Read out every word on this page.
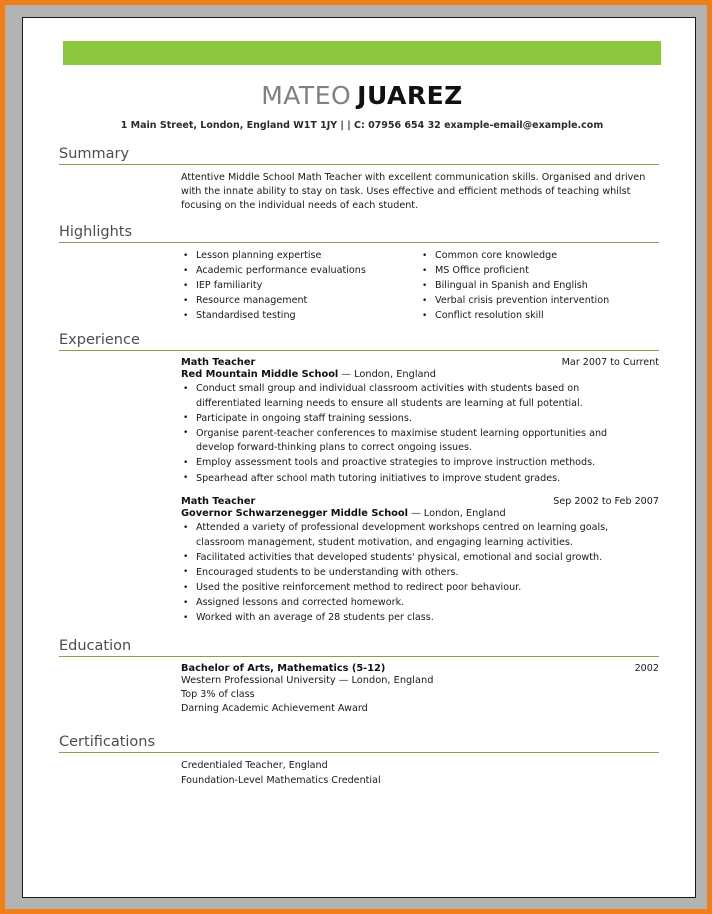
MATEO JUAREZ
1 Main Street, London, England W1T 1JY | | C: 07956 654 32 example-email@example.com
Summary
Attentive Middle School Math Teacher with excellent communication skills. Organised and driven with the innate ability to stay on task. Uses effective and efficient methods of teaching whilst focusing on the individual needs of each student.
Highlights
• Lesson planning expertise
• Academic performance evaluations
• IEP familiarity
• Resource management
• Standardised testing
• Common core knowledge
• MS Office proficient
• Bilingual in Spanish and English
• Verbal crisis prevention intervention
• Conflict resolution skill
Experience
Math Teacher	Mar 2007 to Current
Red Mountain Middle School — London, England
• Conduct small group and individual classroom activities with students based on differentiated learning needs to ensure all students are learning at full potential.
• Participate in ongoing staff training sessions.
• Organise parent-teacher conferences to maximise student learning opportunities and develop forward-thinking plans to correct ongoing issues.
• Employ assessment tools and proactive strategies to improve instruction methods.
• Spearhead after school math tutoring initiatives to improve student grades.
Math Teacher	Sep 2002 to Feb 2007
Governor Schwarzenegger Middle School — London, England
• Attended a variety of professional development workshops centred on learning goals, classroom management, student motivation, and engaging learning activities.
• Facilitated activities that developed students' physical, emotional and social growth.
• Encouraged students to be understanding with others.
• Used the positive reinforcement method to redirect poor behaviour.
• Assigned lessons and corrected homework.
• Worked with an average of 28 students per class.
Education
Bachelor of Arts, Mathematics (5-12)	2002
Western Professional University — London, England
Top 3% of class
Darning Academic Achievement Award
Certifications
Credentialed Teacher, England
Foundation-Level Mathematics Credential
